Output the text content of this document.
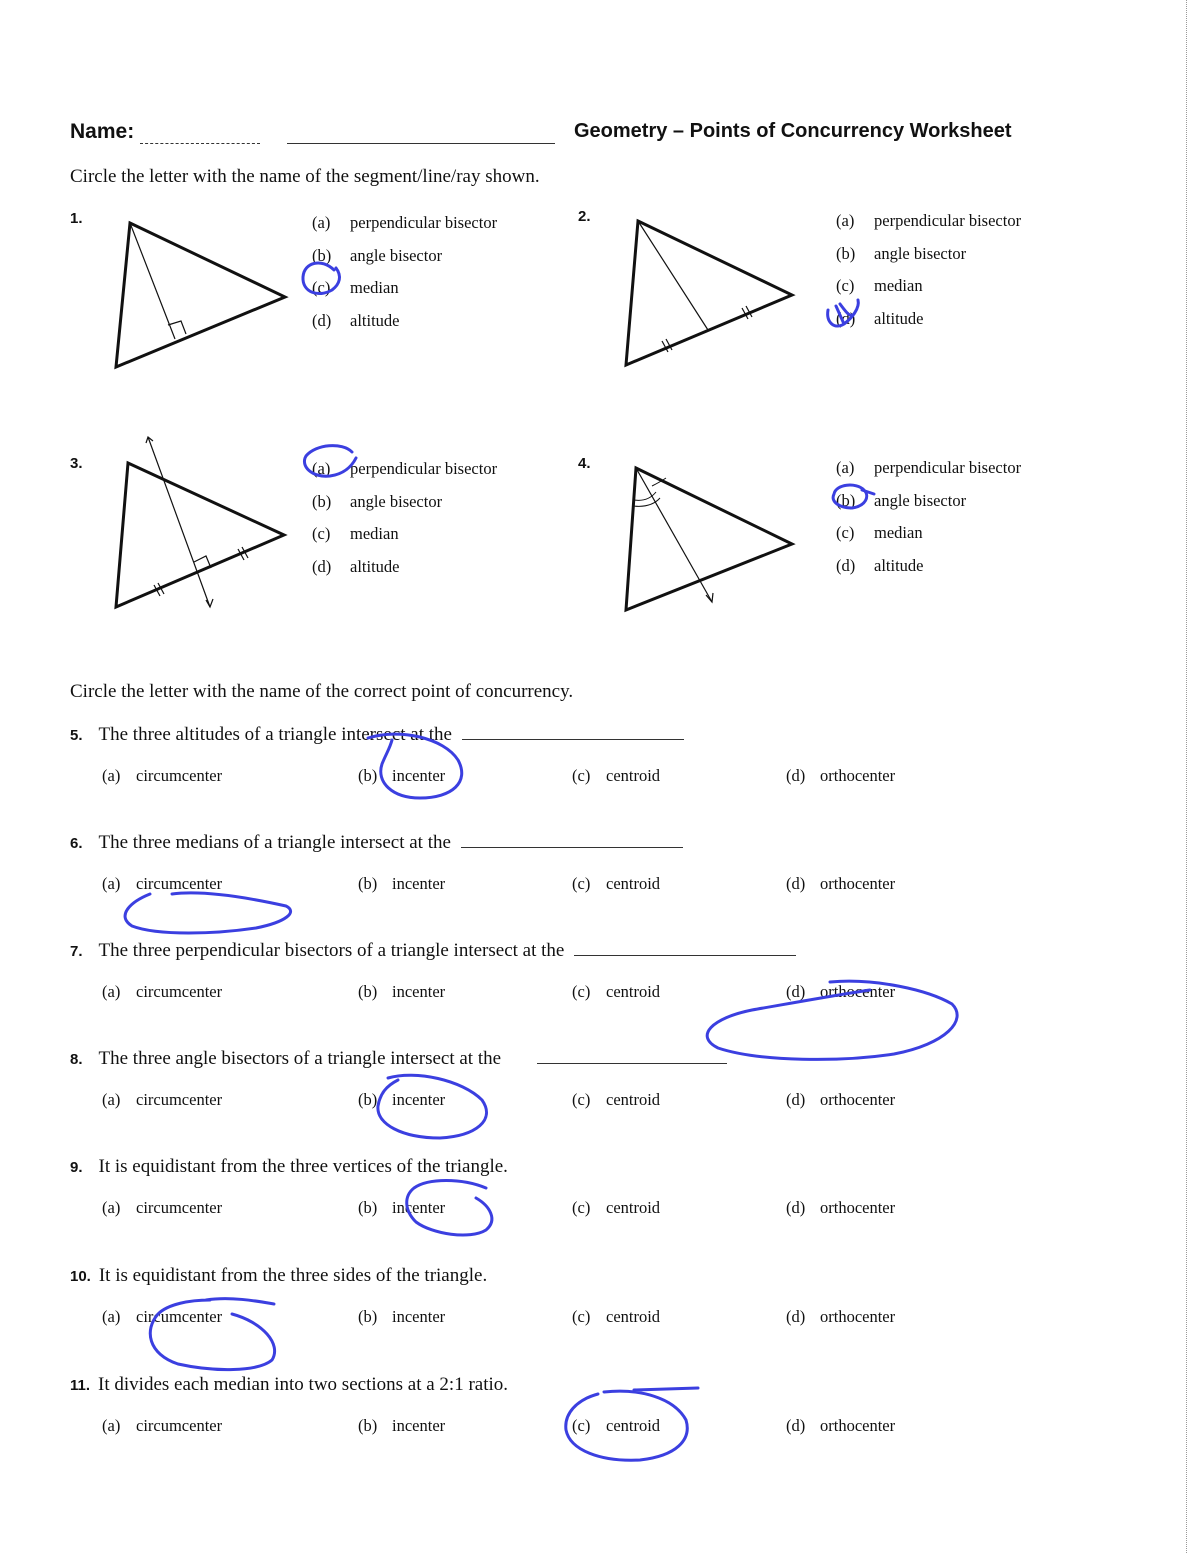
Name:	Geometry – Points of Concurrency Worksheet
Circle the letter with the name of the segment/line/ray shown.
1.	(a)	perpendicular bisector
(b) angle bisector
(c)	median
(d) altitude
2.	(a)	perpendicular bisector
(b) angle bisector
(c)	median
(d) altitude
3.	(a)	perpendicular bisector
(b) angle bisector
(c)	median
(d) altitude
4.	(a)	perpendicular bisector
(b) angle bisector
(c)	median
(d) altitude
Circle the letter with the name of the correct point of concurrency.
5. The three altitudes of a triangle intersect at the
(a) circumcenter	(b) incenter	(c) centroid	(d) orthocenter
6. The three medians of a triangle intersect at the
(a) circumcenter	(b) incenter	(c) centroid	(d) orthocenter
7. The three perpendicular bisectors of a triangle intersect at the
(a) circumcenter	(b) incenter	(c) centroid	(d) orthocenter
8. The three angle bisectors of a triangle intersect at the
(a) circumcenter	(b) incenter	(c) centroid	(d) orthocenter
9. It is equidistant from the three vertices of the triangle.
(a) circumcenter	(b) incenter	(c) centroid	(d) orthocenter
10. It is equidistant from the three sides of the triangle.
(a) circumcenter	(b) incenter	(c) centroid	(d) orthocenter
11. It divides each median into two sections at a 2:1 ratio.
(a) circumcenter	(b) incenter	(c) centroid	(d) orthocenter
